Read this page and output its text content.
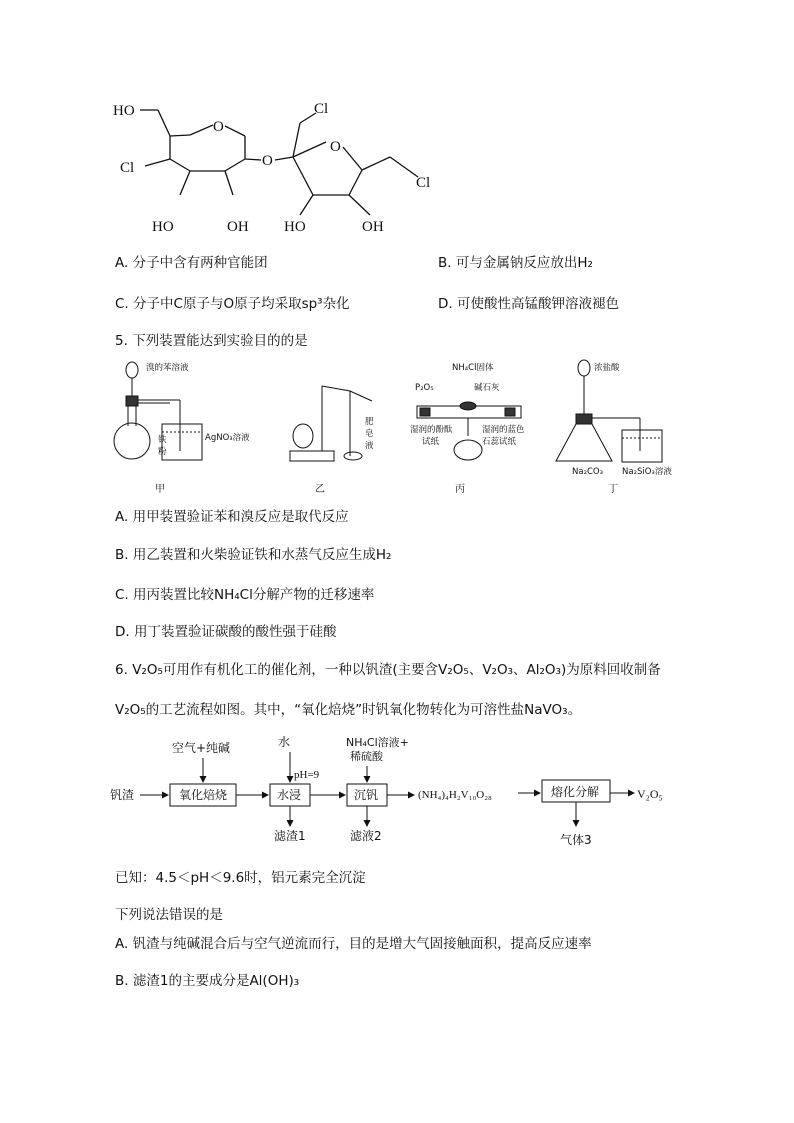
HO
Cl
O
O
Cl
Cl
HO	OH HO	OH
O
A. 分子中含有两种官能团	B. 可与金属钠反应放出H₂
C. 分子中C原子与O原子均采取sp³杂化	D. 可使酸性高锰酸钾溶液褪色
5. 下列装置能达到实验目的的是
溴的苯溶液
铁
粉
AgNO₃溶液
肥
皂
液
NH₄Cl固体
P₂O₅	碱石灰
湿润的酚酞
试纸
湿润的蓝色
石蕊试纸
浓盐酸
Na₂CO₃ Na₂SiO₃溶液
甲	乙	丙	丁
A. 用甲装置验证苯和溴反应是取代反应
B. 用乙装置和火柴验证铁和水蒸气反应生成H₂
C. 用丙装置比较NH₄Cl分解产物的迁移速率
D. 用丁装置验证碳酸的酸性强于硅酸
6. V₂O₅可用作有机化工的催化剂，一种以钒渣(主要含V₂O₅、V₂O₃、Al₂O₃)为原料回收制备
V₂O₅的工艺流程如图。其中，“氧化焙烧”时钒氧化物转化为可溶性盐NaVO₃。
钒渣	氧化焙烧
空气+纯碱
水浸
水
pH=9
滤渣1
沉钒
NH₄Cl溶液+
稀硫酸
滤液2
(NH₄)₄H₂V₁₀O₂₈	熔化分解
气体3
V₂O₅
已知：4.5＜pH＜9.6时，铝元素完全沉淀
下列说法错误的是
A. 钒渣与纯碱混合后与空气逆流而行，目的是增大气固接触面积，提高反应速率
B. 滤渣1的主要成分是Al(OH)₃
